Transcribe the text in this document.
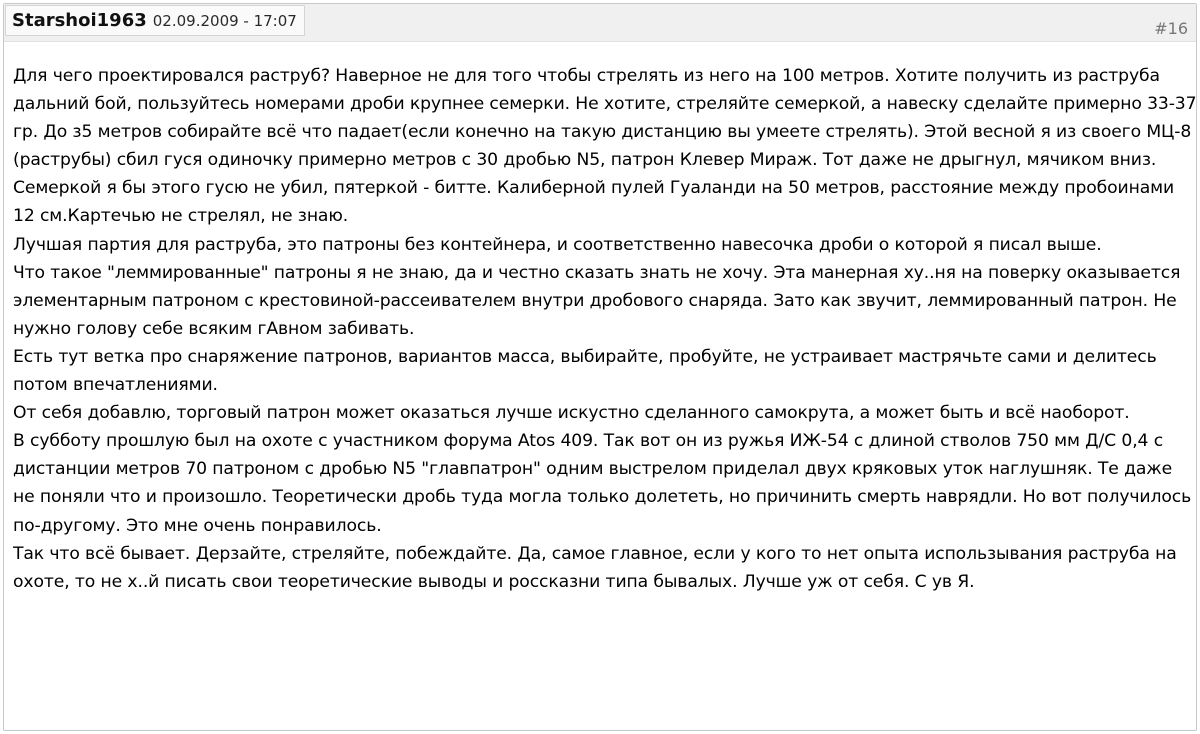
Starshoi1963 02.09.2009 - 17:07	#16

Для чего проектировался раструб? Наверное не для того чтобы стрелять из него на 100 метров. Хотите получить из раструба дальний бой, пользуйтесь номерами дроби крупнее семерки. Не хотите, стреляйте семеркой, а навеску сделайте примерно 33-37 гр. До з5 метров собирайте всё что падает(если конечно на такую дистанцию вы умеете стрелять). Этой весной я из своего МЦ-8 (раструбы) сбил гуся одиночку примерно метров с 30 дробью N5, патрон Клевер Мираж. Тот даже не дрыгнул, мячиком вниз. Семеркой я бы этого гусю не убил, пятеркой - битте. Калиберной пулей Гуаланди на 50 метров, расстояние между пробоинами 12 см.Картечью не стрелял, не знаю.

Лучшая партия для раструба, это патроны без контейнера, и соответственно навесочка дроби о которой я писал выше.

Что такое "леммированные" патроны я не знаю, да и честно сказать знать не хочу. Эта манерная ху..ня на поверку оказывается элементарным патроном с крестовиной-рассеивателем внутри дробового снаряда. Зато как звучит, леммированный патрон. Не нужно голову себе всяким гАвном забивать.

Есть тут ветка про снаряжение патронов, вариантов масса, выбирайте, пробуйте, не устраивает мастрячьте сами и делитесь потом впечатлениями.

От себя добавлю, торговый патрон может оказаться лучше искустно сделанного самокрута, а может быть и всё наоборот.

В субботу прошлую был на охоте с участником форума Atos 409. Так вот он из ружья ИЖ-54 с длиной стволов 750 мм Д/С 0,4 с дистанции метров 70 патроном с дробью N5 "главпатрон" одним выстрелом приделал двух кряковых уток наглушняк. Те даже не поняли что и произошло. Теоретически дробь туда могла только долететь, но причинить смерть наврядли. Но вот получилось по-другому. Это мне очень понравилось.

Так что всё бывает. Дерзайте, стреляйте, побеждайте. Да, самое главное, если у кого то нет опыта использывания раструба на охоте, то не х..й писать свои теоретические выводы и россказни типа бывалых. Лучше уж от себя. С ув Я.
